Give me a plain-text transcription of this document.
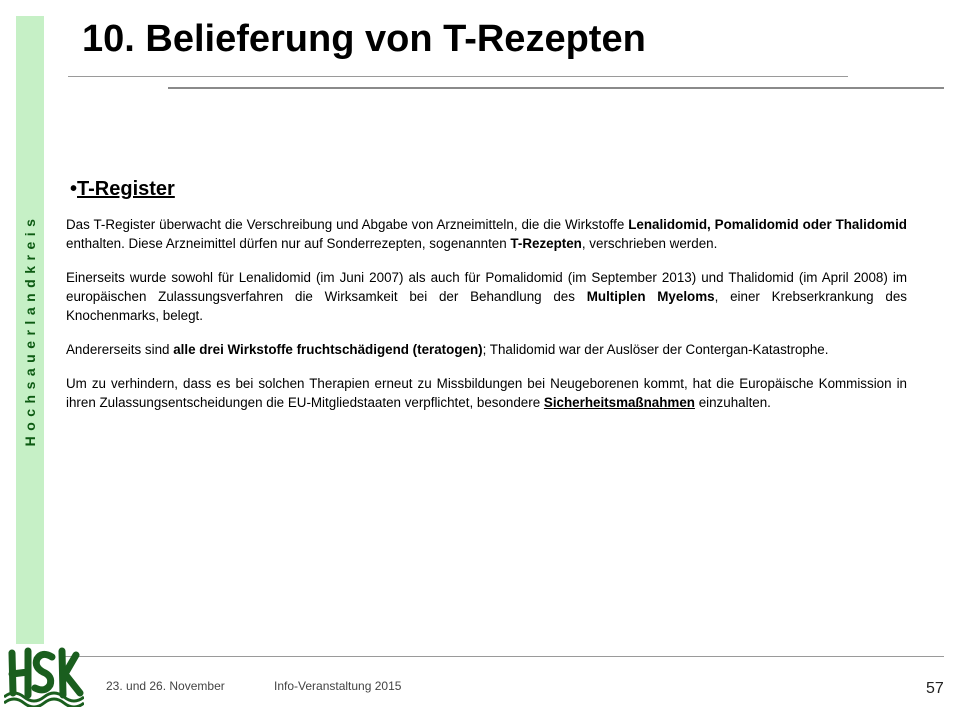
Hochsauerlandkreis
10. Belieferung von T-Rezepten
•T-Register

Das T-Register überwacht die Verschreibung und Abgabe von Arzneimitteln, die die Wirkstoffe Lenalidomid, Pomalidomid oder Thalidomid enthalten. Diese Arzneimittel dürfen nur auf Sonderrezepten, sogenannten T-Rezepten, verschrieben werden.

Einerseits wurde sowohl für Lenalidomid (im Juni 2007) als auch für Pomalidomid (im September 2013) und Thalidomid (im April 2008) im europäischen Zulassungsverfahren die Wirksamkeit bei der Behandlung des Multiplen Myeloms, einer Krebserkrankung des Knochenmarks, belegt.

Andererseits sind alle drei Wirkstoffe fruchtschädigend (teratogen); Thalidomid war der Auslöser der Contergan-Katastrophe.

Um zu verhindern, dass es bei solchen Therapien erneut zu Missbildungen bei Neugeborenen kommt, hat die Europäische Kommission in ihren Zulassungsentscheidungen die EU-Mitgliedstaaten verpflichtet, besondere Sicherheitsmaßnahmen einzuhalten.

23. und 26. November	Info-Veranstaltung 2015	57
